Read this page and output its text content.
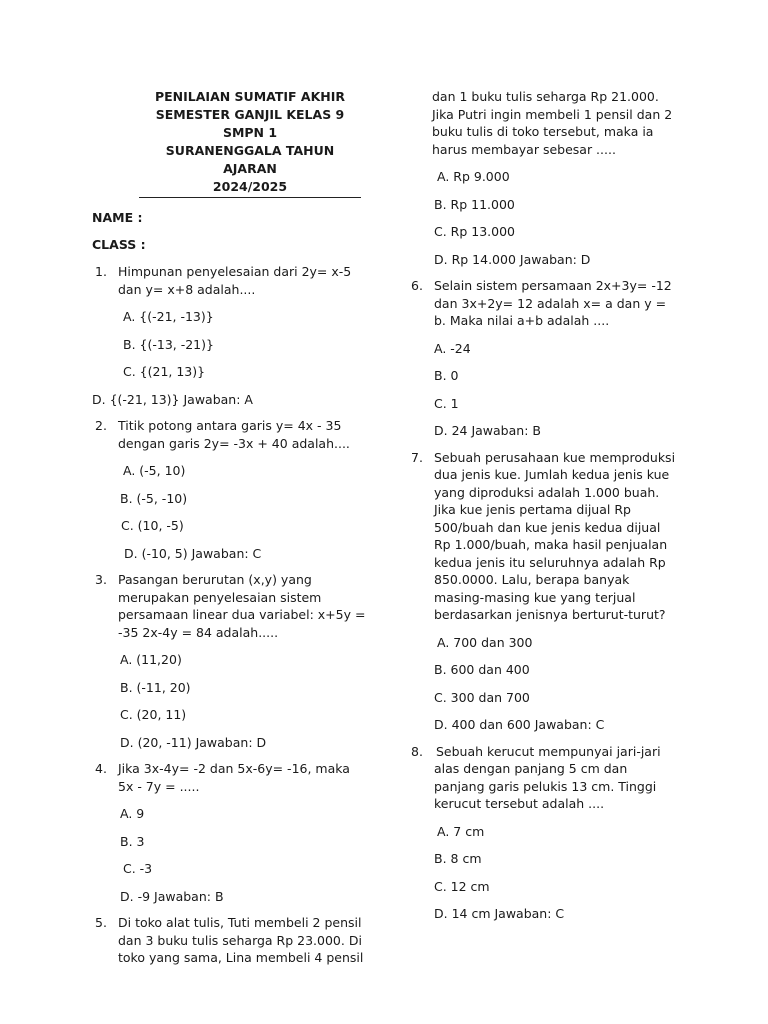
PENILAIAN SUMATIF AKHIR
SEMESTER GANJIL KELAS 9 SMPN 1
SURANENGGALA TAHUN AJARAN
2024/2025
NAME :
CLASS :
1. Himpunan penyelesaian dari 2y= x-5 dan y= x+8 adalah....
A. {(-21, -13)}
B. {(-13, -21)}
C. {(21, 13)}
D. {(-21, 13)} Jawaban: A
2. Titik potong antara garis y= 4x - 35 dengan garis 2y= -3x + 40 adalah....
A. (-5, 10)
B. (-5, -10)
C. (10, -5)
D. (-10, 5) Jawaban: C
3. Pasangan berurutan (x,y) yang merupakan penyelesaian sistem persamaan linear dua variabel: x+5y = -35 2x-4y = 84 adalah.....
A. (11,20)
B. (-11, 20)
C. (20, 11)
D. (20, -11) Jawaban: D
4. Jika 3x-4y= -2 dan 5x-6y= -16, maka 5x - 7y = .....
A. 9
B. 3
C. -3
D. -9 Jawaban: B
5. Di toko alat tulis, Tuti membeli 2 pensil dan 3 buku tulis seharga Rp 23.000. Di toko yang sama, Lina membeli 4 pensil
dan 1 buku tulis seharga Rp 21.000. Jika Putri ingin membeli 1 pensil dan 2 buku tulis di toko tersebut, maka ia harus membayar sebesar .....
A. Rp 9.000
B. Rp 11.000
C. Rp 13.000
D. Rp 14.000 Jawaban: D
6. Selain sistem persamaan 2x+3y= -12 dan 3x+2y= 12 adalah x= a dan y = b. Maka nilai a+b adalah ....
A. -24
B. 0
C. 1
D. 24 Jawaban: B
7. Sebuah perusahaan kue memproduksi dua jenis kue. Jumlah kedua jenis kue yang diproduksi adalah 1.000 buah. Jika kue jenis pertama dijual Rp 500/buah dan kue jenis kedua dijual Rp 1.000/buah, maka hasil penjualan kedua jenis itu seluruhnya adalah Rp 850.0000. Lalu, berapa banyak masing-masing kue yang terjual berdasarkan jenisnya berturut-turut?
A. 700 dan 300
B. 600 dan 400
C. 300 dan 700
D. 400 dan 600 Jawaban: C
8.	Sebuah kerucut mempunyai jari-jari alas dengan panjang 5 cm dan panjang garis pelukis 13 cm. Tinggi kerucut tersebut adalah ....
A. 7 cm
B. 8 cm
C. 12 cm
D. 14 cm Jawaban: C
